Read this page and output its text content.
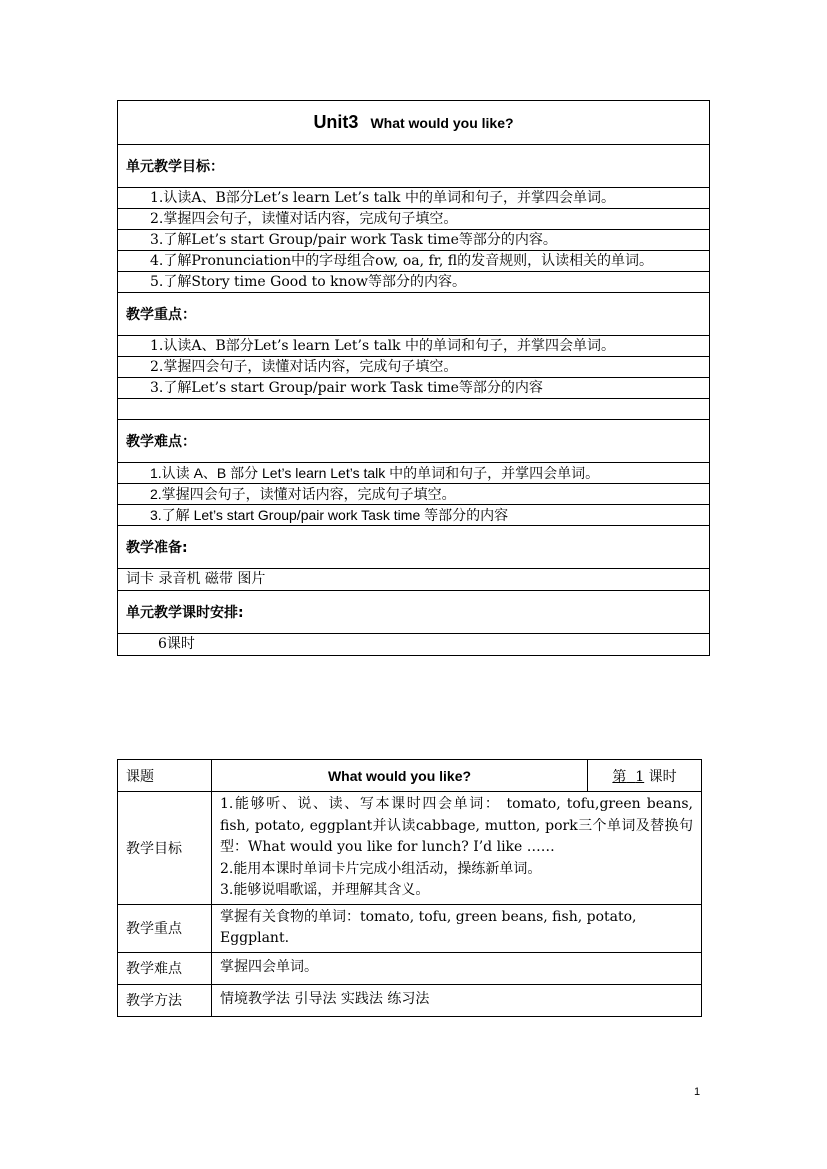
Unit3 What would you like?
单元教学目标：
1.认读A、B部分Let’s learn Let’s talk 中的单词和句子，并掌四会单词。
2.掌握四会句子，读懂对话内容，完成句子填空。
3.了解Let’s start Group/pair work Task time等部分的内容。
4.了解Pronunciation中的字母组合ow, oa, fr, fl的发音规则，认读相关的单词。
5.了解Story time Good to know等部分的内容。
教学重点：
1.认读A、B部分Let’s learn Let’s talk 中的单词和句子，并掌四会单词。
2.掌握四会句子，读懂对话内容，完成句子填空。
3.了解Let’s start Group/pair work Task time等部分的内容

教学难点：
1.认读 A、B 部分 Let’s learn Let’s talk 中的单词和句子，并掌四会单词。
2.掌握四会句子，读懂对话内容，完成句子填空。
3.了解 Let’s start Group/pair work Task time 等部分的内容
教学准备:
词卡 录音机 磁带 图片
单元教学课时安排:
6课时
课题	What would you like?	第 1 课时
教学目标	1.能够听、说、读、写本课时四会单词： tomato, tofu,green beans, fish, potato, eggplant并认读cabbage, mutton, pork三个单词及替换句型：What would you like for lunch? I’d like ……

2.能用本课时单词卡片完成小组活动，操练新单词。

3.能够说唱歌谣，并理解其含义。	

教学重点	掌握有关食物的单词：tomato, tofu, green beans, fish, potato,

Eggplant.	

教学难点	掌握四会单词。	
教学方法	情境教学法 引导法 实践法 练习法	
1
